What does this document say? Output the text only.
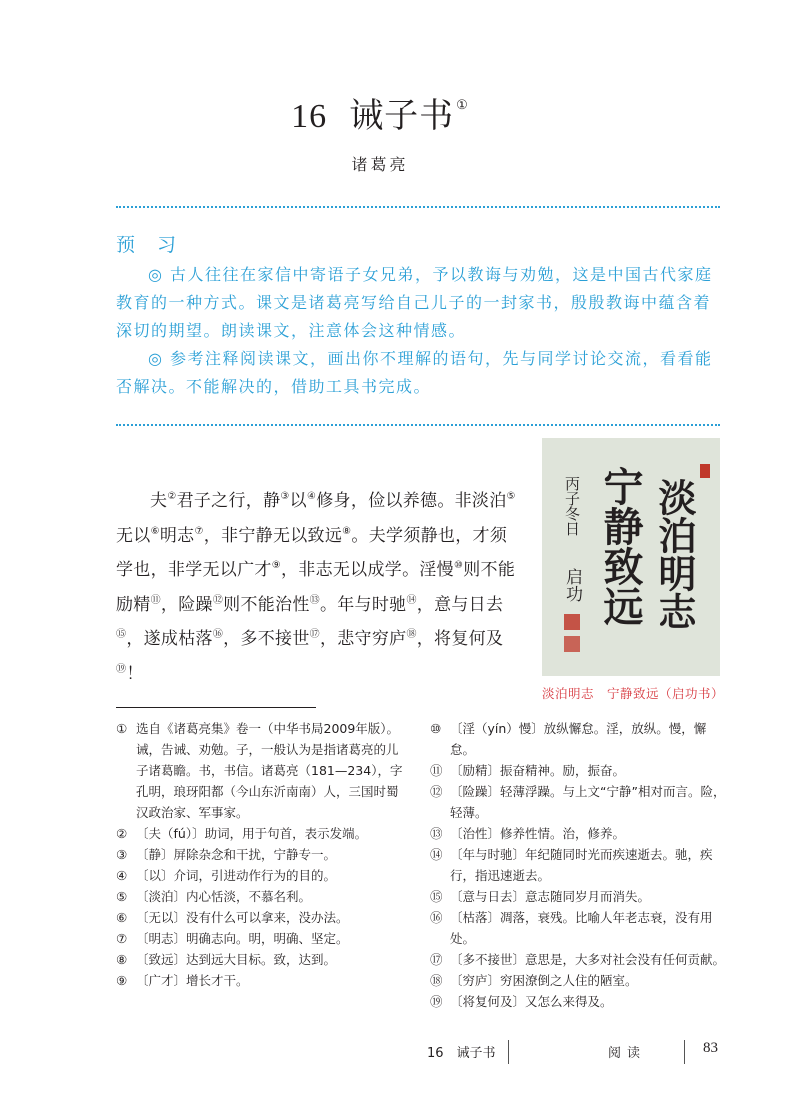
16 诫子书 ①
诸葛亮
预 习

◎ 古人往往在家信中寄语子女兄弟，予以教诲与劝勉，这是中国古代家庭教育的一种方式。课文是诸葛亮写给自己儿子的一封家书，殷殷教诲中蕴含着深切的期望。朗读课文，注意体会这种情感。

◎ 参考注释阅读课文，画出你不理解的语句，先与同学讨论交流，看看能否解决。不能解决的，借助工具书完成。

夫②君子之行，静③以④修身，俭以养德。非淡泊⑤无以⑥明志⑦，非宁静无以致远⑧。夫学须静也，才须学也，非学无以广才⑨，非志无以成学。淫慢⑩则不能励精⑪，险躁⑫则不能治性⑬。年与时驰⑭，意与日去⑮，遂成枯落⑯，多不接世⑰，悲守穷庐⑱，将复何及⑲！

淡泊明志
宁静致远
丙子冬日
启功
淡泊明志　宁静致远（启功书）
① 选自《诸葛亮集》卷一（中华书局2009年版）。诫，告诫、劝勉。子，一般认为是指诸葛亮的儿子诸葛瞻。书，书信。诸葛亮（181—234），字孔明，琅玡阳都（今山东沂南南）人，三国时蜀汉政治家、军事家。
② 〔夫（fú）〕助词，用于句首，表示发端。
③ 〔静〕屏除杂念和干扰，宁静专一。
④ 〔以〕介词，引进动作行为的目的。
⑤ 〔淡泊〕内心恬淡，不慕名利。
⑥ 〔无以〕没有什么可以拿来，没办法。
⑦ 〔明志〕明确志向。明，明确、坚定。
⑧ 〔致远〕达到远大目标。致，达到。
⑨ 〔广才〕增长才干。
⑩ 〔淫（yín）慢〕放纵懈怠。淫，放纵。慢，懈怠。
⑪ 〔励精〕振奋精神。励，振奋。
⑫ 〔险躁〕轻薄浮躁。与上文“宁静”相对而言。险，轻薄。
⑬ 〔治性〕修养性情。治，修养。
⑭ 〔年与时驰〕年纪随同时光而疾速逝去。驰，疾行，指迅速逝去。
⑮ 〔意与日去〕意志随同岁月而消失。
⑯ 〔枯落〕凋落，衰残。比喻人年老志衰，没有用处。
⑰ 〔多不接世〕意思是，大多对社会没有任何贡献。
⑱ 〔穷庐〕穷困潦倒之人住的陋室。
⑲ 〔将复何及〕又怎么来得及。
16　诫子书	阅读	83
